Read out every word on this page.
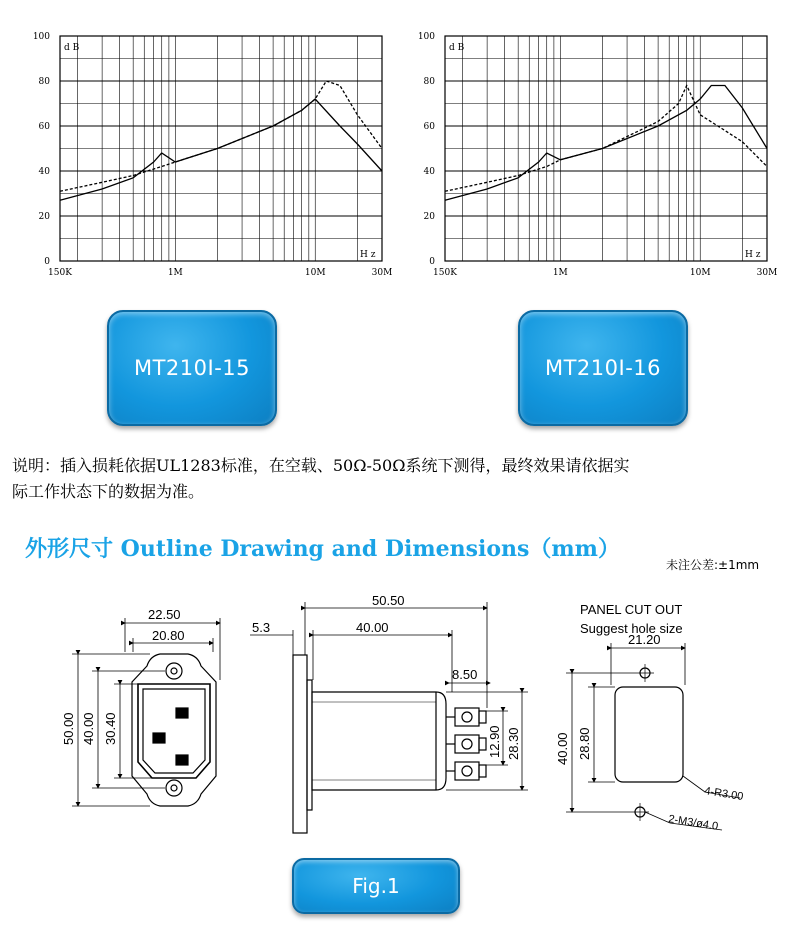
100
80
60
40
20
0
150K	1M	10M	30M
d B
H z
100
80
60
40
20
0
150K	1M	10M	30M
d B
H z
MT210I-15	MT210I-16
说明：插入损耗依据UL1283标准，在空载、50Ω-50Ω系统下测得，最终效果请依据实
际工作状态下的数据为准。
外形尺寸 Outline Drawing and Dimensions（mm）
未注公差:±1mm
22.50
20.80
50.00 40.00 30.40
50.50
40.00
5.3
8.50
12.90 28.30
PANEL CUT OUT
Suggest hole size
21.20
40.00 28.80
4-R3.00
2-M3/ø4.0
Fig.1
